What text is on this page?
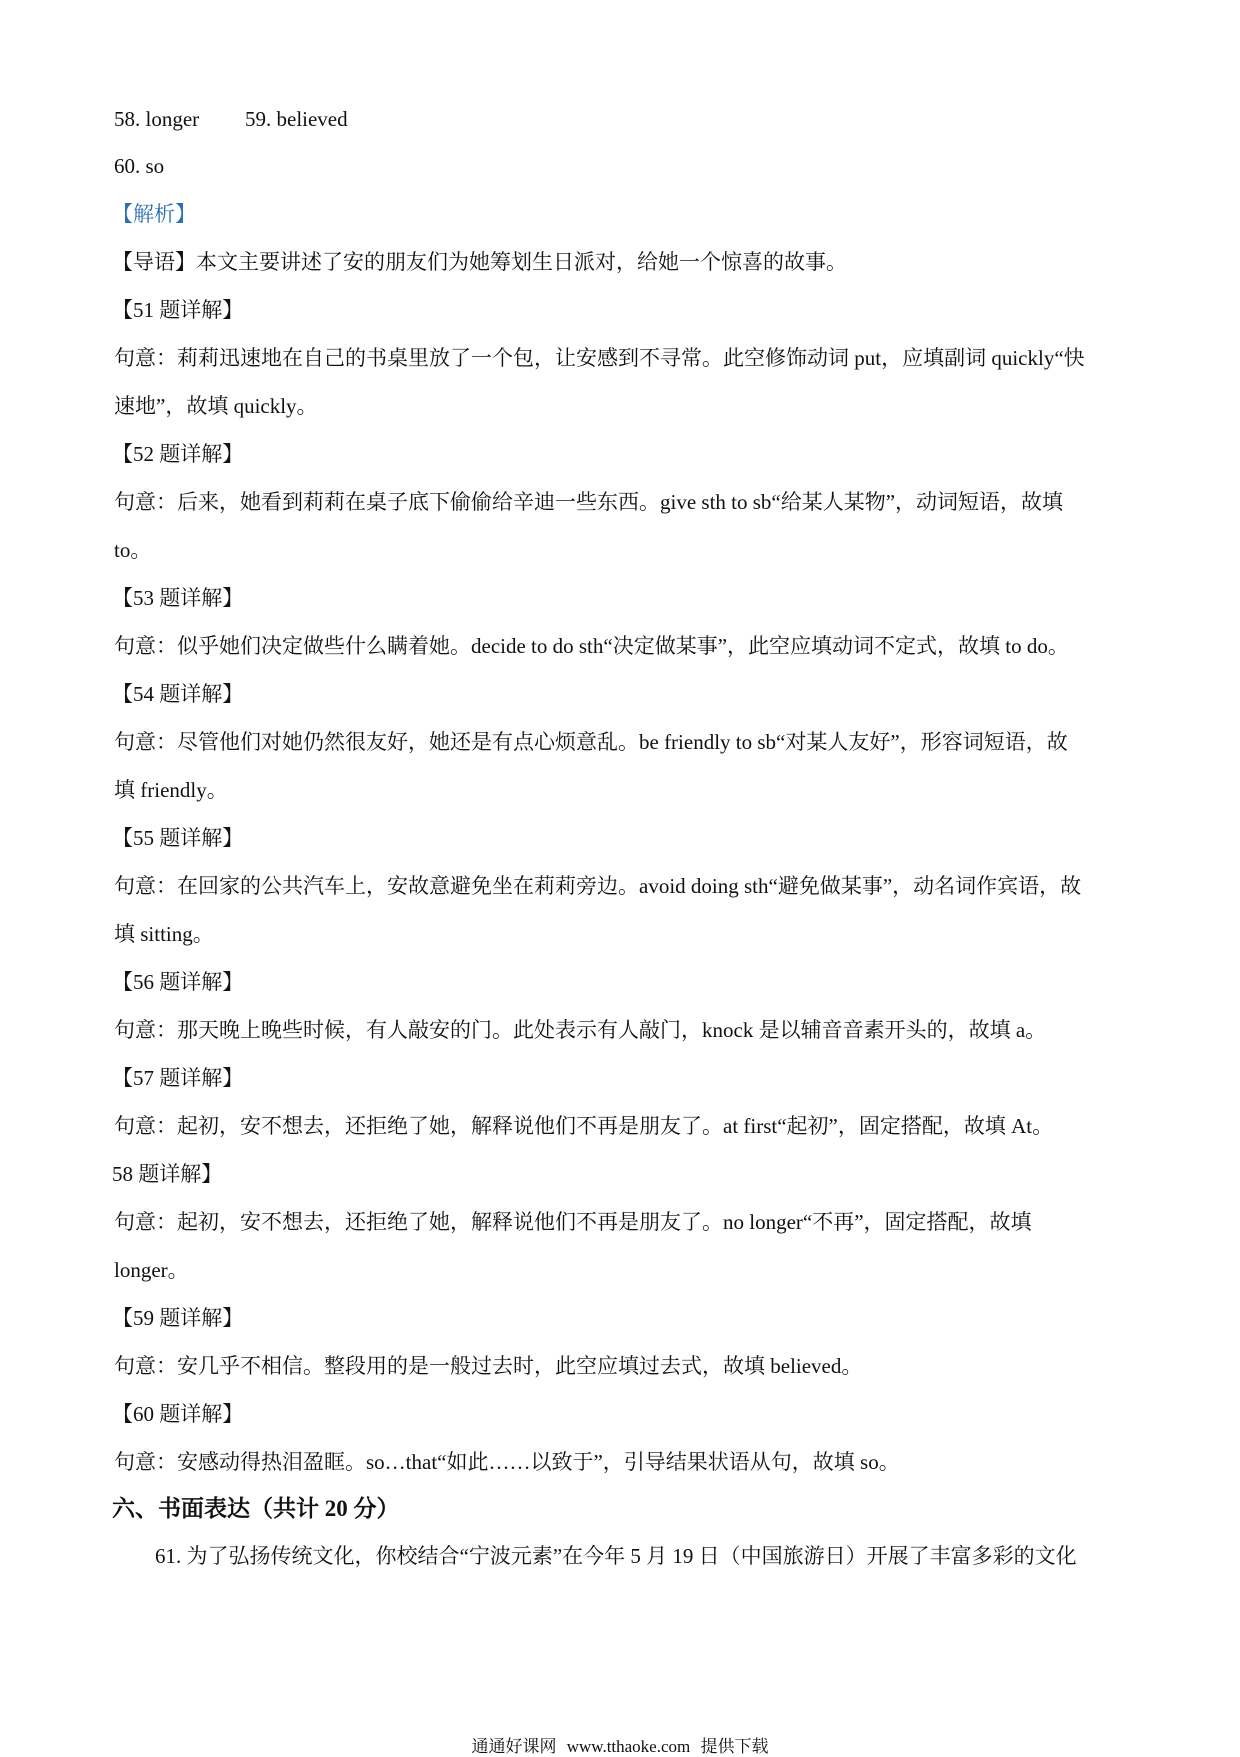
58. longer 59. believed
60. so
【解析】
【导语】本文主要讲述了安的朋友们为她筹划生日派对，给她一个惊喜的故事。
【51 题详解】
句意：莉莉迅速地在自己的书桌里放了一个包，让安感到不寻常。此空修饰动词 put，应填副词 quickly“快
速地”，故填 quickly。
【52 题详解】
句意：后来，她看到莉莉在桌子底下偷偷给辛迪一些东西。give sth to sb“给某人某物”，动词短语，故填
to。
【53 题详解】
句意：似乎她们决定做些什么瞒着她。decide to do sth“决定做某事”，此空应填动词不定式，故填 to do。
【54 题详解】
句意：尽管他们对她仍然很友好，她还是有点心烦意乱。be friendly to sb“对某人友好”，形容词短语，故
填 friendly。
【55 题详解】
句意：在回家的公共汽车上，安故意避免坐在莉莉旁边。avoid doing sth“避免做某事”，动名词作宾语，故
填 sitting。
【56 题详解】
句意：那天晚上晚些时候，有人敲安的门。此处表示有人敲门，knock 是以辅音音素开头的，故填 a。
【57 题详解】
句意：起初，安不想去，还拒绝了她，解释说他们不再是朋友了。at first“起初”，固定搭配，故填 At。
58 题详解】
句意：起初，安不想去，还拒绝了她，解释说他们不再是朋友了。no longer“不再”，固定搭配，故填
longer。
【59 题详解】
句意：安几乎不相信。整段用的是一般过去时，此空应填过去式，故填 believed。
【60 题详解】
句意：安感动得热泪盈眶。so…that“如此……以致于”，引导结果状语从句，故填 so。
六、书面表达（共计 20 分）
61. 为了弘扬传统文化，你校结合“宁波元素”在今年 5 月 19 日（中国旅游日）开展了丰富多彩的文化
通通好课网 www.tthaoke.com 提供下载
